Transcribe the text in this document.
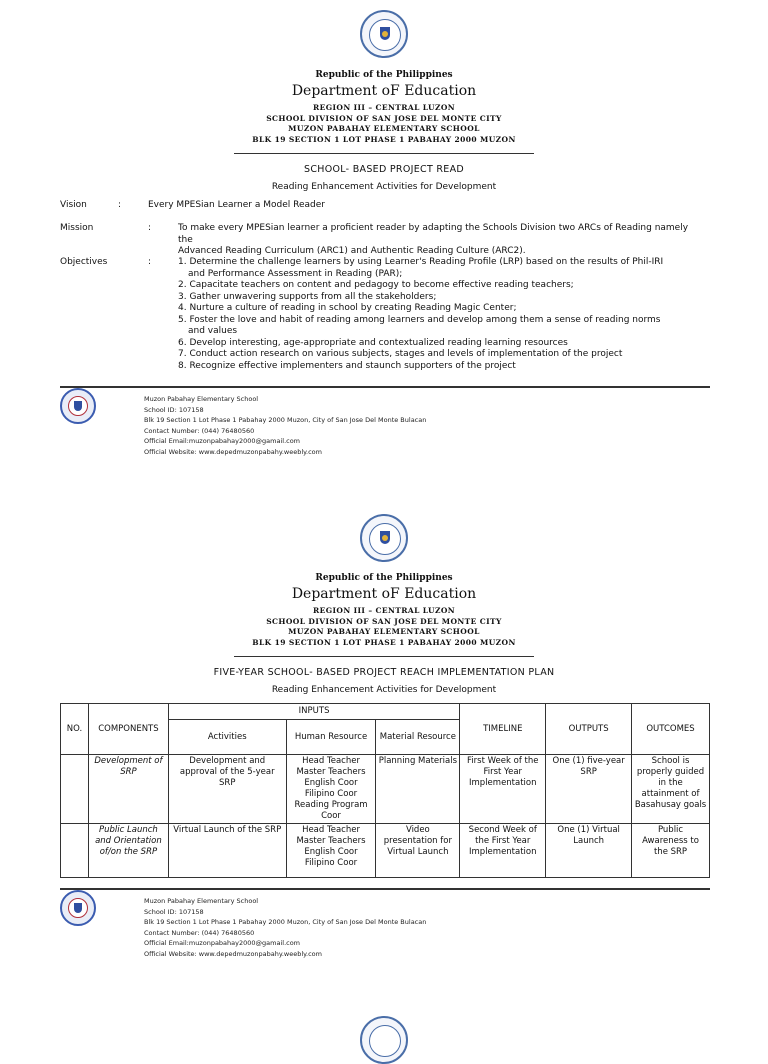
Republic of the Philippines
Department oF Education
REGION III – CENTRAL LUZON
SCHOOL DIVISION OF SAN JOSE DEL MONTE CITY
MUZON PABAHAY ELEMENTARY SCHOOL
BLK 19 SECTION 1 LOT PHASE 1 PABAHAY 2000 MUZON
SCHOOL- BASED PROJECT READ
Reading Enhancement Activities for Development
Vision	:	Every MPESian Learner a Model Reader
Mission	:	To make every MPESian learner a proficient reader by adapting the Schools Division two ARCs of Reading namely the
Advanced Reading Curriculum (ARC1) and Authentic Reading Culture (ARC2).
Objectives	:	1. Determine the challenge learners by using Learner's Reading Profile (LRP) based on the results of Phil-IRI and Performance Assessment in Reading (PAR);
2. Capacitate teachers on content and pedagogy to become effective reading teachers;
3. Gather unwavering supports from all the stakeholders;
4. Nurture a culture of reading in school by creating Reading Magic Center;
5. Foster the love and habit of reading among learners and develop among them a sense of reading norms and values
6. Develop interesting, age-appropriate and contextualized reading learning resources
7. Conduct action research on various subjects, stages and levels of implementation of the project
8. Recognize effective implementers and staunch supporters of the project
Muzon Pabahay Elementary School
School ID: 107158
Blk 19 Section 1 Lot Phase 1 Pabahay 2000 Muzon, City of San Jose Del Monte Bulacan
Contact Number: (044) 76480560
Official Email:muzonpabahay2000@gamail.com
Official Website: www.depedmuzonpabahy.weebly.com
Republic of the Philippines
Department oF Education
REGION III – CENTRAL LUZON
SCHOOL DIVISION OF SAN JOSE DEL MONTE CITY
MUZON PABAHAY ELEMENTARY SCHOOL
BLK 19 SECTION 1 LOT PHASE 1 PABAHAY 2000 MUZON
FIVE-YEAR SCHOOL- BASED PROJECT REACH IMPLEMENTATION PLAN
Reading Enhancement Activities for Development
NO.	COMPONENTS	INPUTS			TIMELINE	OUTPUTS	OUTCOMES
		Activities	Human Resource	Material Resource			
	Development of SRP	Development and approval of the 5-year SRP	Head Teacher Master Teachers English Coor Filipino Coor Reading Program Coor	Planning Materials	First Week of the First Year Implementation	One (1) five-year SRP	School is properly guided in the attainment of Basahusay goals
	Public Launch and Orientation of/on the SRP	Virtual Launch of the SRP	Head Teacher Master Teachers English Coor Filipino Coor	Video presentation for Virtual Launch	Second Week of the First Year Implementation	One (1) Virtual Launch	Public Awareness to the SRP
Muzon Pabahay Elementary School
School ID: 107158
Blk 19 Section 1 Lot Phase 1 Pabahay 2000 Muzon, City of San Jose Del Monte Bulacan
Contact Number: (044) 76480560
Official Email:muzonpabahay2000@gamail.com
Official Website: www.depedmuzonpabahy.weebly.com
